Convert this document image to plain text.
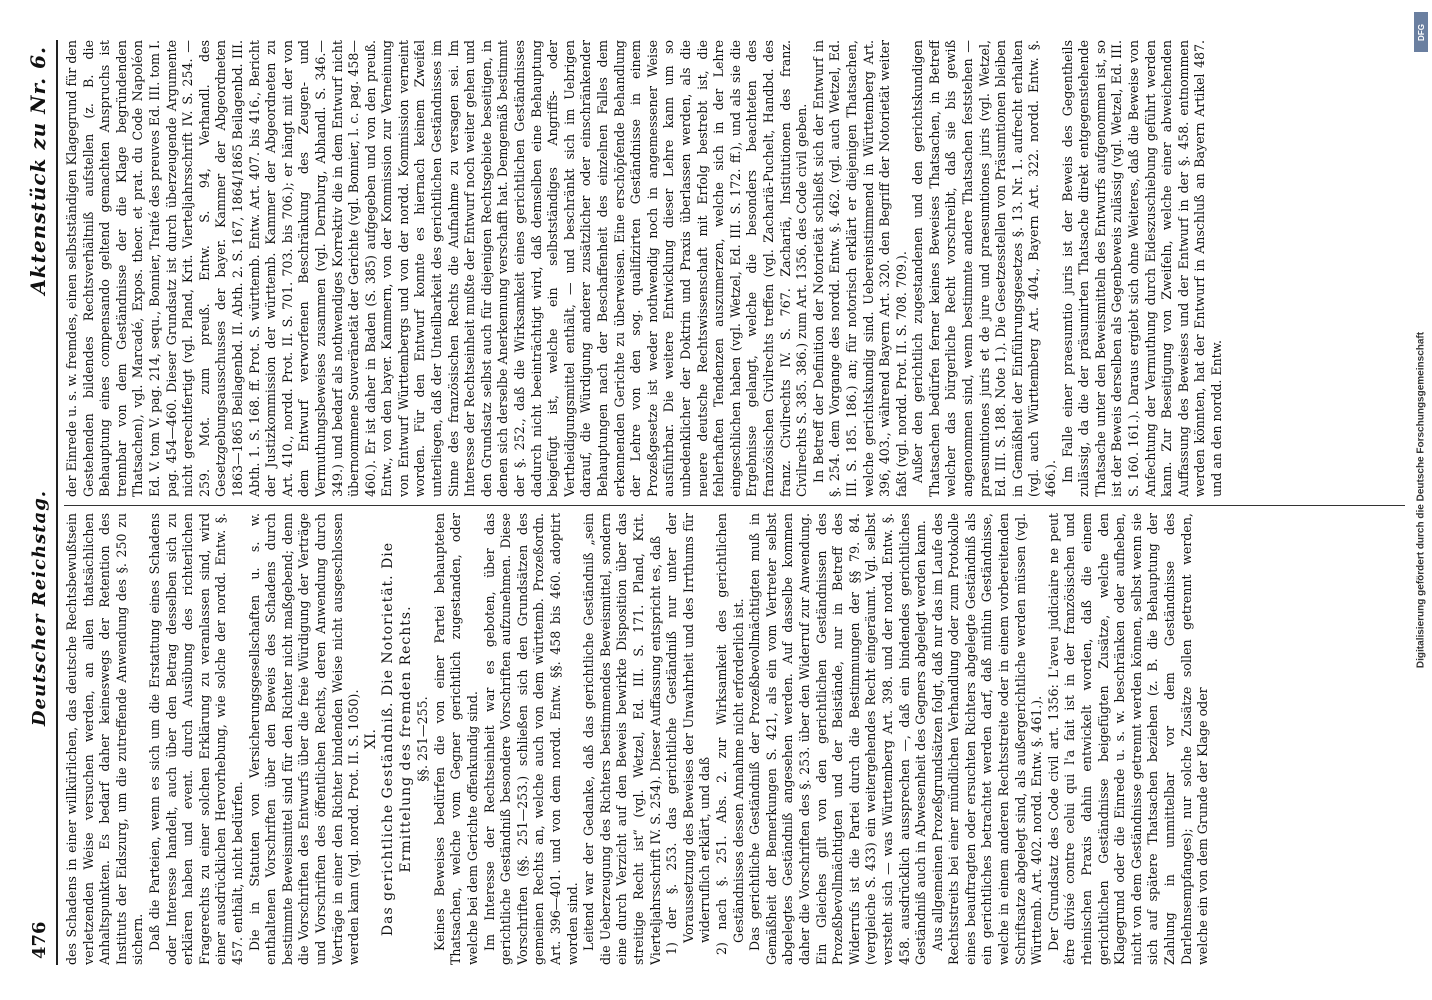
476
Deutscher Reichstag.
Aktenstück zu Nr. 6.

des Schadens in einer willkürlichen, das deutsche Rechtsbewußtsein verletzenden Weise versuchen werden, an allen thatsächlichen Anhaltspunkten. Es bedarf daher keineswegs der Retention des Instituts der Eidszurg, um die zutreffende Anwendung des §. 250 zu sichern. Daß die Parteien, wenn es sich um die Erstattung eines Schadens oder Interesse handelt, auch über den Betrag desselben sich zu erklären haben und event. durch Ausübung des richterlichen Fragerechts zu einer solchen Erklärung zu veranlassen sind, wird einer ausdrücklichen Hervorhebung, wie solche der nordd. Entw. §. 457. enthält, nicht bedürfen. Die in Statuten von Versicherungsgesellschaften u. s. w. enthaltenen Vorschriften über den Beweis des Schadens durch bestimmte Beweismittel sind für den Richter nicht maßgebend; denn die Vorschriften des Entwurfs über die freie Würdigung der Verträge und Vorschriften des öffentlichen Rechts, deren Anwendung durch Verträge in einer den Richter bindenden Weise nicht ausgeschlossen werden kann (vgl. nordd. Prot. II. S. 1050). XI. Das gerichtliche Geständniß. Die Notorietät. Die Ermittelung des fremden Rechts. §§. 251—255. Keines Beweises bedürfen die von einer Partei behaupteten Thatsachen, welche vom Gegner gerichtlich zugestanden, oder welche bei dem Gerichte offenkundig sind. Im Interesse der Rechtseinheit war es geboten, über das gerichtliche Geständniß besondere Vorschriften aufzunehmen. Diese Vorschriften (§§. 251—253.) schließen sich den Grundsätzen des gemeinen Rechts an, welche auch von dem württemb. Prozeßordn. Art. 396—401. und von dem nordd. Entw. §§. 458 bis 460. adoptirt worden sind. Leitend war der Gedanke, daß das gerichtliche Geständniß „sein die Ueberzeugung des Richters bestimmendes Beweismittel, sondern eine durch Verzicht auf den Beweis bewirkte Disposition über das streitige Recht ist“ (vgl. Wetzel, Ed. III. S. 171. Pland, Krit. Vierteljahrsschrift IV. S. 254). Dieser Auffassung entspricht es, daß 1) der §. 253. das gerichtliche Geständniß nur unter der Voraussetzung des Beweises der Unwahrheit und des Irrthums für widerruflich erklärt, und daß 2) nach §. 251. Abs. 2. zur Wirksamkeit des gerichtlichen Geständnisses dessen Annahme nicht erforderlich ist. Das gerichtliche Geständniß der Prozeßbevollmächtigten muß in Gemäßheit der Bemerkungen S. 421, als ein vom Vertreter selbst abgelegtes Geständniß angesehen werden. Auf dasselbe kommen daher die Vorschriften des §. 253. über den Widerruf zur Anwendung. Ein Gleiches gilt von den gerichtlichen Geständnissen des Prozeßbevollmächtigten und der Beistände, nur in Betreff des Widerrufs ist die Partei durch die Bestimmungen der §§ 79. 84. (vergleiche S. 433) ein weitergehendes Recht eingeräumt. Vgl. selbst versteht sich — was Württemberg Art. 398. und der nordd. Entw. §. 458. ausdrücklich aussprechen —, daß ein bindendes gerichtliches Geständniß auch in Abwesenheit des Gegners abgelegt werden kann. Aus allgemeinen Prozeßgrundsätzen folgt, daß nur das im Laufe des Rechtsstreits bei einer mündlichen Verhandlung oder zum Protokolle eines beauftragten oder ersuchten Richters abgelegte Geständniß als ein gerichtliches betrachtet werden darf, daß mithin Geständnisse, welche in einem anderen Rechtsstreite oder in einem vorbereitenden Schriftsatze abgelegt sind, als außergerichtliche werden müssen (vgl. Württemb. Art. 402. nordd. Entw. §. 461.). Der Grundsatz des Code civil art. 1356: L'aveu judiciaire ne peut être divisé contre celui qui l'a fait ist in der französischen und rheinischen Praxis dahin entwickelt worden, daß die einem gerichtlichen Geständnisse beigefügten Zusätze, welche den Klagegrund oder die Einrede u. s. w. beschränken oder aufheben, nicht von dem Geständnisse getrennt werden können, selbst wenn sie sich auf spätere Thatsachen beziehen (z. B. die Behauptung der Zahlung in unmittelbar vor dem Geständnisse des Darlehnsempfanges); nur solche Zusätze sollen getrennt werden, welche ein von dem Grunde der Klage oder

der Einrede u. s. w. fremdes, einen selbstständigen Klagegrund für den Gestehenden bildendes Rechtsverhältniß aufstellen (z. B. die Behauptung eines compensando geltend gemachten Anspruchs ist trennbar von dem Geständnisse der die Klage begründenden Thatsachen), vgl. Marcadé, Expos. theor. et prat. du Code Napoléon Ed. V. tom V. pag. 214, sequ., Bonnier, Traité des preuves Ed. III. tom I. pag. 454—460. Dieser Grundsatz ist durch überzeugende Argumente nicht gerechtfertigt (vgl. Pland, Krit. Vierteljahrsschrift IV. S. 254. — 259. Mot. zum preuß. Entw. S. 94, Verhandl. des Gesetzgebungsausschusses der bayer. Kammer der Abgeordneten 1863—1865 Beilagenbd. II. Abth. 2. S. 167, 1864/1865 Beilagenbd. III. Abth. 1. S. 168. ff. Prot. S. württemb. Entw. Art. 407. bis 416., Bericht der Justizkommission der württemb. Kammer der Abgeordneten zu Art. 410., nordd. Prot. II. S. 701. 703. bis 706.); er hängt mit der von dem Entwurf verworfenen Beschränkung des Zeugen- und Vermuthungsbeweises zusammen (vgl. Dernburg, Abhandl. S. 346.—349.) und bedarf als nothwendiges Korrektiv die in dem Entwurf nicht übernommene Souveränetät der Gerichte (vgl. Bonnier, l. c. pag. 458—460.). Er ist daher in Baden (S. 385) aufgegeben und von den preuß. Entw., von den bayer. Kammern, von der Kommission zur Verneinung von Entwurf Württembergs und von der nordd. Kommission verneint worden. Für den Entwurf konnte es hiernach keinem Zweifel unterliegen, daß der Unteilbarkeit des gerichtlichen Geständnisses im Sinne des französischen Rechts die Aufnahme zu versagen sei. Im Interesse der Rechtseinheit mußte der Entwurf noch weiter gehen und den Grundsatz selbst auch für diejenigen Rechtsgebiete beseitigen, in denen sich derselbe Anerkennung verschafft hat. Demgemäß bestimmt der §. 252., daß die Wirksamkeit eines gerichtlichen Geständnisses dadurch nicht beeinträchtigt wird, daß demselben eine Behauptung beigefügt ist, welche ein selbstständiges Angriffs- oder Vertheidigungsmittel enthält, — und beschränkt sich im Uebrigen darauf, die Würdigung anderer zusätzlicher oder einschränkender Behauptungen nach der Beschaffenheit des einzelnen Falles dem erkennenden Gerichte zu überweisen. Eine erschöpfende Behandlung der Lehre von den sog. qualifizirten Geständnisse in einem Prozeßgesetze ist weder nothwendig noch in angemessener Weise ausführbar. Die weitere Entwicklung dieser Lehre kann um so unbedenklicher der Doktrin und Praxis überlassen werden, als die neuere deutsche Rechtswissenschaft mit Erfolg bestrebt ist, die fehlerhaften Tendenzen auszumerzen, welche sich in der Lehre eingeschlichen haben (vgl. Wetzel, Ed. III. S. 172. ff.), und als sie die Ergebnisse gelangt, welche die besonders beachteten des französischen Civilrechts treffen (vgl. Zachariä-Puchelt, Handbd. des franz. Civilrechts IV. S. 767. Zachariä, Institutionen des franz. Civilrechts S. 385. 386.) zum Art. 1356. des Code civil geben. In Betreff der Definition der Notorietät schließt sich der Entwurf in §. 254. dem Vorgange des nordd. Entw. §. 462. (vgl. auch Wetzel, Ed. III. S. 185. 186.) an; für notorisch erklärt er diejenigen Thatsachen, welche gerichtskundig sind. Uebereinstimmend in Württemberg Art. 396, 403., während Bayern Art. 320. den Begriff der Notorietät weiter faßt (vgl. nordd. Prot. II. S. 708. 709.). Außer den gerichtlich zugestandenen und den gerichtskundigen Thatsachen bedürfen ferner keines Beweises Thatsachen, in Betreff welcher das bürgerliche Recht vorschreibt, daß sie bis gewiß angenommen sind, wenn bestimmte andere Thatsachen feststehen — praesumtiones juris et de jure und praesumtiones juris (vgl. Wetzel, Ed. III. S. 188. Note 1.). Die Gesetzesstellen von Präsumtionen bleiben in Gemäßheit der Einführungsgesetzes §. 13. Nr. 1. aufrecht erhalten (vgl. auch Württemberg Art. 404., Bayern Art. 322. nordd. Entw. §. 466.). Im Falle einer praesumtio juris ist der Beweis des Gegentheils zulässig, da die der präsumirten Thatsache direkt entgegenstehende Thatsache unter den Beweismitteln des Entwurfs aufgenommen ist, so ist der Beweis derselben als Gegenbeweis zulässig (vgl. Wetzel, Ed. III. S. 160. 161.). Daraus ergiebt sich ohne Weiteres, daß die Beweise von Anfechtung der Vermuthung durch Eideszuschiebung geführt werden kann. Zur Beseitigung von Zweifeln, welche einer abweichenden Auffassung des Beweises und der Entwurf in der §. 458. entnommen werden könnten, hat der Entwurf in Anschluß an Bayern Artikel 487. und an den nordd. Entw.

DFG
Digitalisierung gefördert durch die Deutsche Forschungsgemeinschaft
